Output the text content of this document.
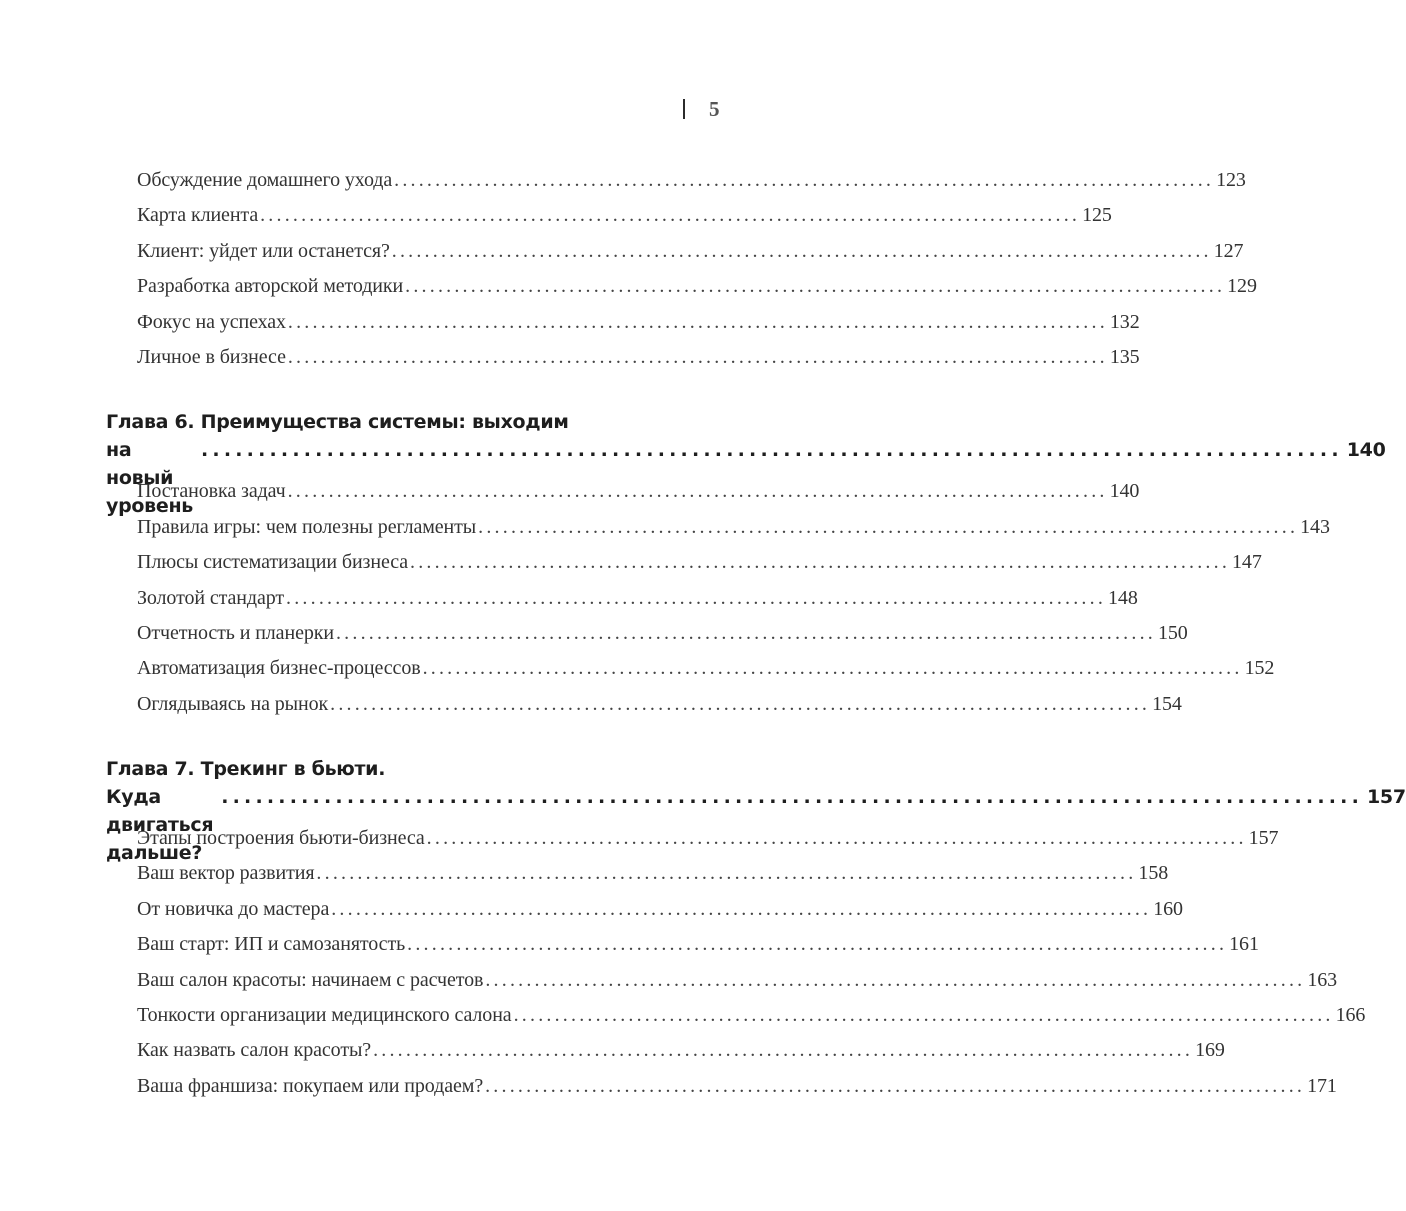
5
Обсуждение домашнего ухода .................................................................................................... 123
Карта клиента .................................................................................................... 125
Клиент: уйдет или останется? .................................................................................................... 127
Разработка авторской методики .................................................................................................... 129
Фокус на успехах .................................................................................................... 132
Личное в бизнесе .................................................................................................... 135
Глава 6. Преимущества системы: выходим
на новый уровень
.................................................................................................... 140
Постановка задач .................................................................................................... 140
Правила игры: чем полезны регламенты .................................................................................................... 143
Плюсы систематизации бизнеса .................................................................................................... 147
Золотой стандарт .................................................................................................... 148
Отчетность и планерки .................................................................................................... 150
Автоматизация бизнес-процессов .................................................................................................... 152
Оглядываясь на рынок .................................................................................................... 154
Глава 7. Трекинг в бьюти.
Куда двигаться дальше?
.................................................................................................... 157
Этапы построения бьюти-бизнеса .................................................................................................... 157
Ваш вектор развития .................................................................................................... 158
От новичка до мастера .................................................................................................... 160
Ваш старт: ИП и самозанятость .................................................................................................... 161
Ваш салон красоты: начинаем с расчетов .................................................................................................... 163
Тонкости организации медицинского салона .................................................................................................... 166
Как назвать салон красоты? .................................................................................................... 169
Ваша франшиза: покупаем или продаем? .................................................................................................... 171
